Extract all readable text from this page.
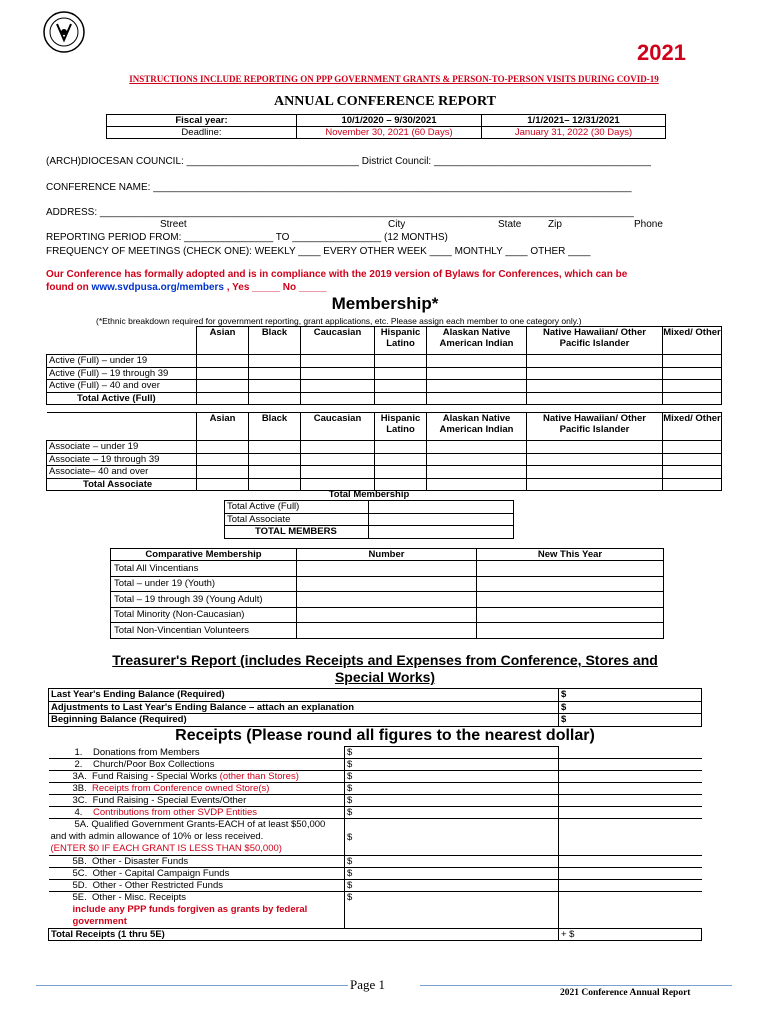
2021
INSTRUCTIONS INCLUDE REPORTING ON PPP GOVERNMENT GRANTS & PERSON-TO-PERSON VISITS DURING COVID-19
ANNUAL CONFERENCE REPORT
Fiscal year:	10/1/2020 – 9/30/2021	1/1/2021– 12/31/2021
Deadline:	November 30, 2021 (60 Days)	January 31, 2022 (30 Days)
(ARCH)DIOCESAN COUNCIL: _______________________________ District Council: _______________________________________
CONFERENCE NAME: ______________________________________________________________________________________
ADDRESS: ________________________________________________________________________________________________
Street	City	State	Zip	Phone
REPORTING PERIOD FROM: ________________ TO ________________ (12 MONTHS)
FREQUENCY OF MEETINGS (CHECK ONE): WEEKLY ____ EVERY OTHER WEEK ____ MONTHLY ____ OTHER ____
Our Conference has formally adopted and is in compliance with the 2019 version of Bylaws for Conferences, which can be
found on www.svdpusa.org/members , Yes _____ No _____
Membership*
(*Ethnic breakdown required for government reporting, grant applications, etc. Please assign each member to one category only.)
	Asian	Black	Caucasian	Hispanic Latino	Alaskan Native American Indian	Native Hawaiian/ Other Pacific Islander	Mixed/ Other
Active (Full) – under 19							
Active (Full) – 19 through 39							
Active (Full) – 40 and over							
Total Active (Full)							
	Asian	Black	Caucasian	Hispanic Latino	Alaskan Native American Indian	Native Hawaiian/ Other Pacific Islander	Mixed/ Other
Associate – under 19							
Associate – 19 through 39							
Associate– 40 and over							
Total Associate							
Total Membership	
Total Active (Full)	
Total Associate	
TOTAL MEMBERS	
Comparative Membership	Number	New This Year
Total All Vincentians		
Total – under 19 (Youth)		
Total – 19 through 39 (Young Adult)		
Total Minority (Non-Caucasian)		
Total Non-Vincentian Volunteers		
Treasurer's Report (includes Receipts and Expenses from Conference, Stores and
Special Works)
Last Year's Ending Balance (Required)	$
Adjustments to Last Year's Ending Balance – attach an explanation	$
Beginning Balance (Required)	$
Receipts (Please round all figures to the nearest dollar)
1. Donations from Members	$	
2. Church/Poor Box Collections	$	
3A. Fund Raising - Special Works (other than Stores)	$	
3B. Receipts from Conference owned Store(s)	$	
3C. Fund Raising - Special Events/Other	$	
4. Contributions from other SVDP Entities	$	
5A. Qualified Government Grants-EACH of at least $50,000 and with admin allowance of 10% or less received.
(ENTER $0 IF EACH GRANT IS LESS THAN $50,000)	$	
5B. Other - Disaster Funds	$	
5C. Other - Capital Campaign Funds	$	
5D. Other - Other Restricted Funds	$	
5E. Other - Misc. Receipts
include any PPP funds forgiven as grants by federal government	$	
Total Receipts (1 thru 5E)		+ $
Page 1
2021 Conference Annual Report
